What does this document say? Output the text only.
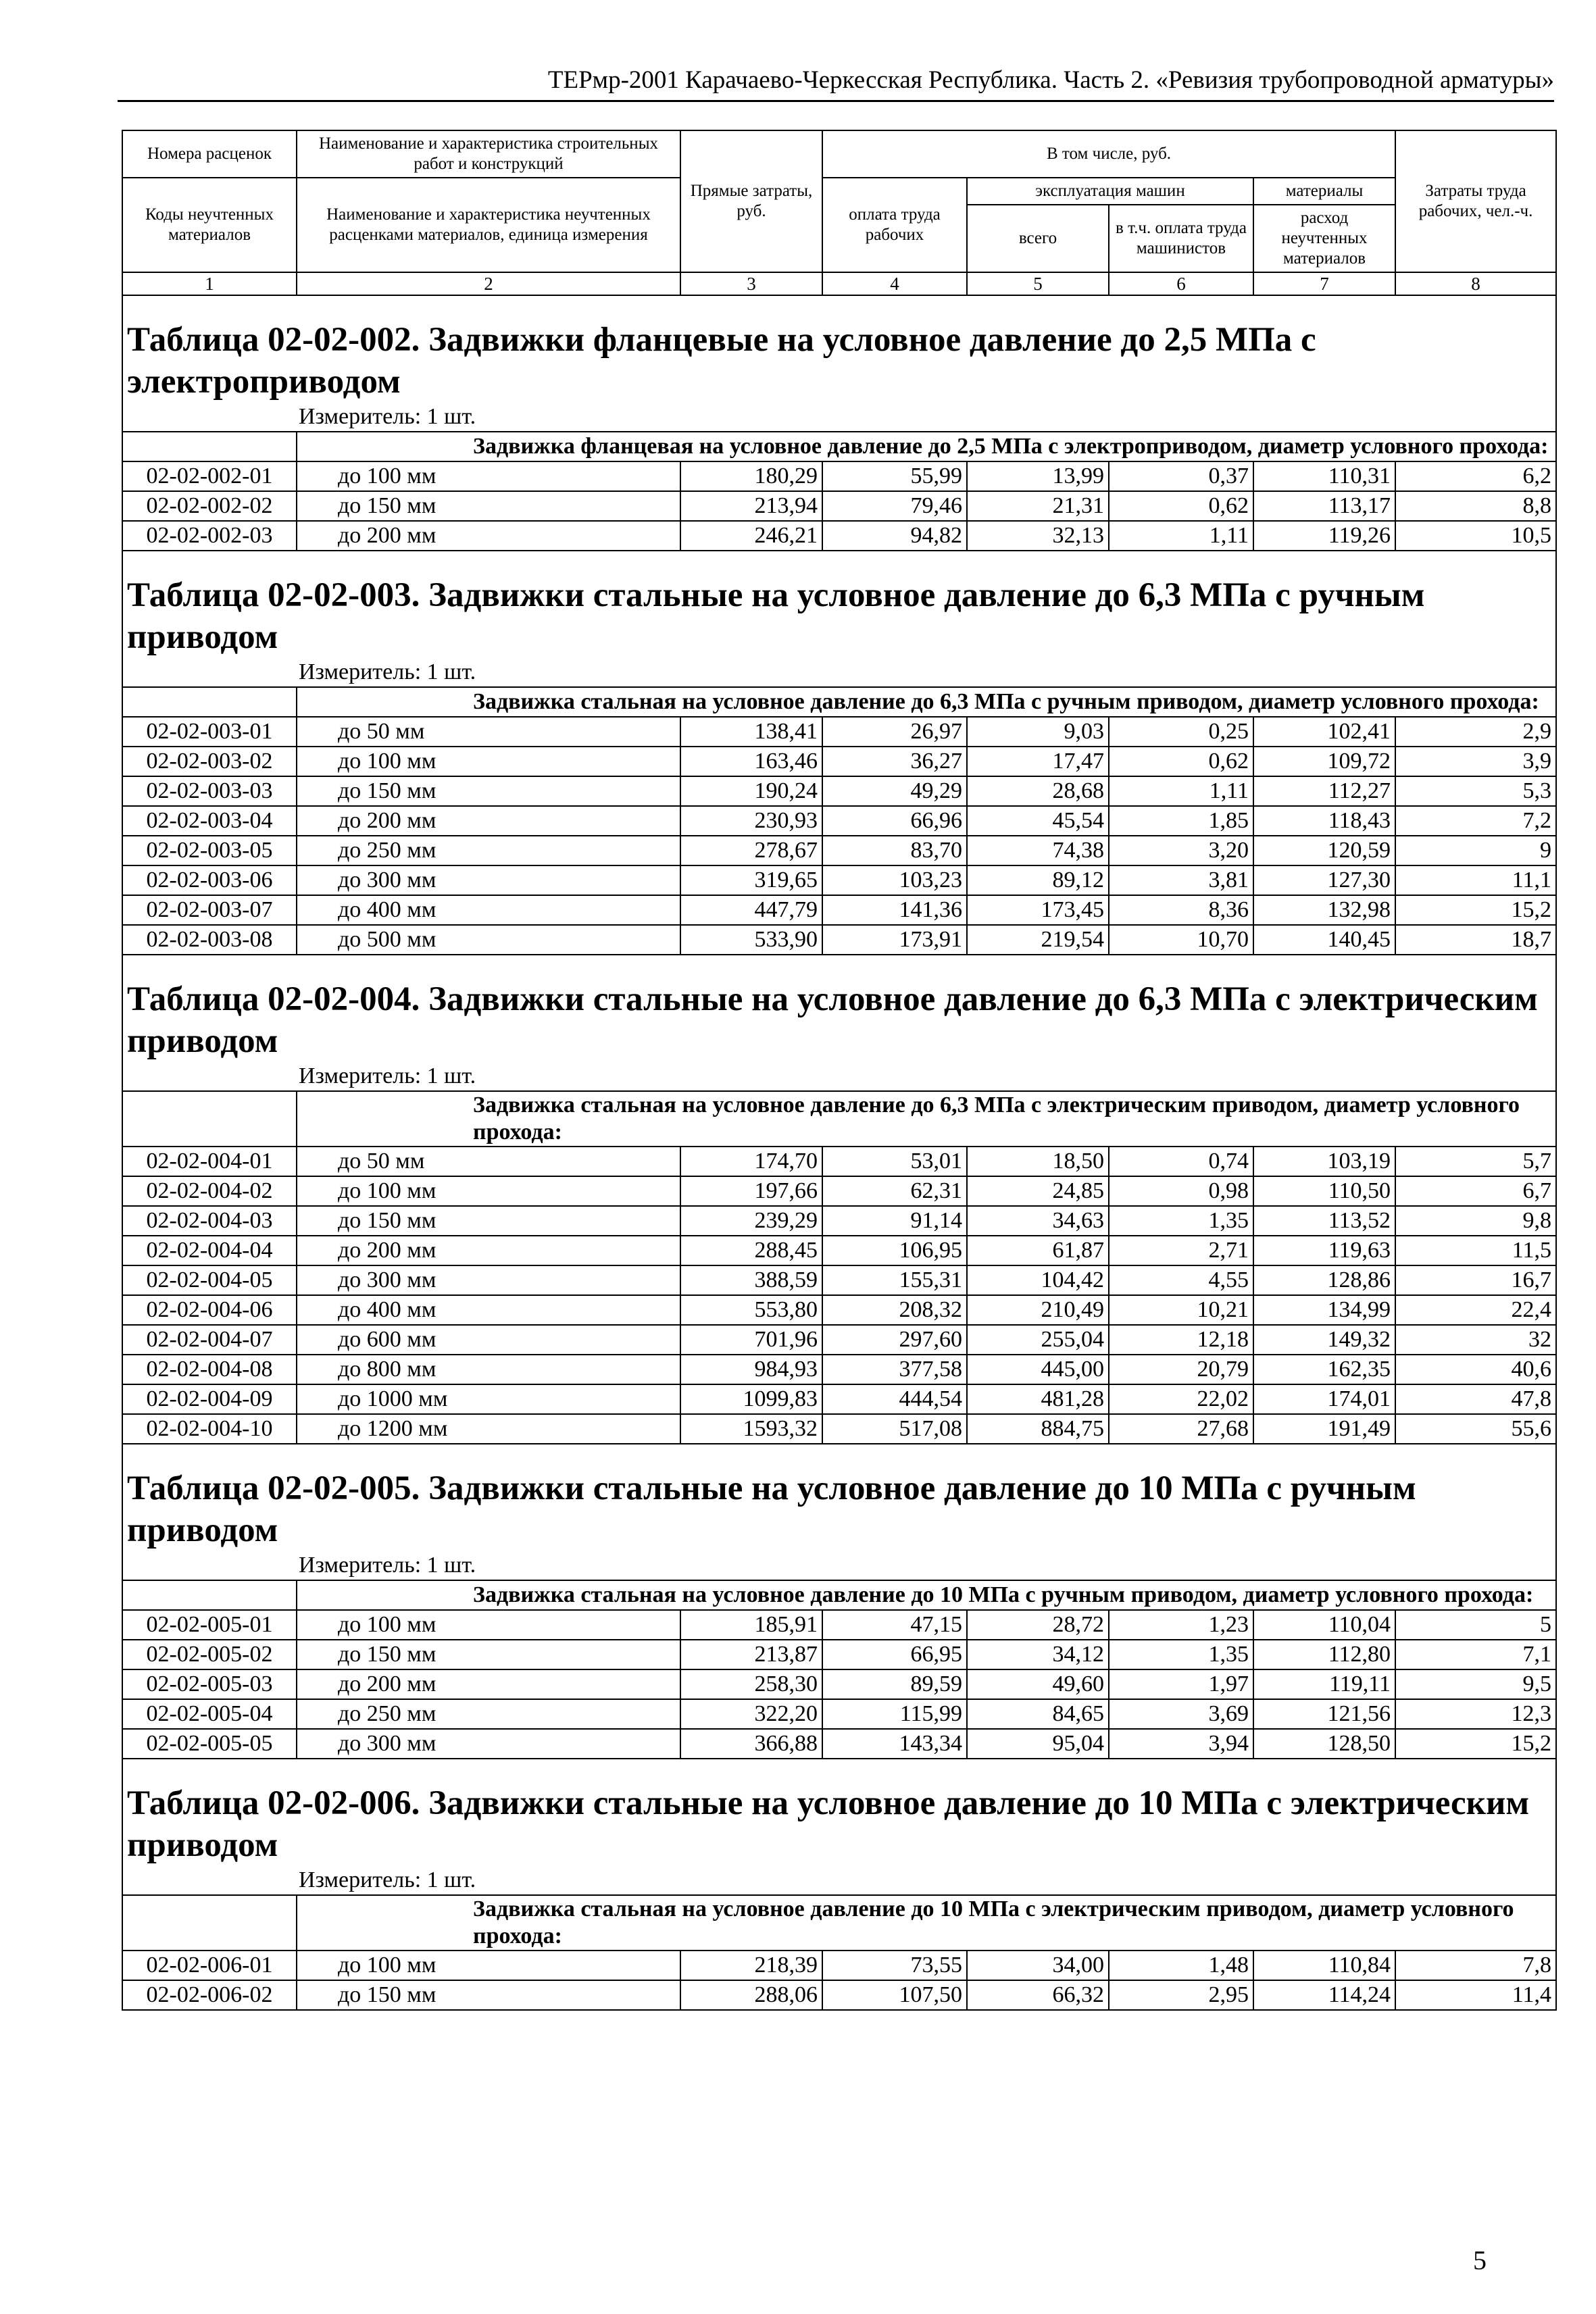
ТЕРмр-2001 Карачаево-Черкесская Республика. Часть 2. «Ревизия трубопроводной арматуры»
Номера расценок	Наименование и характеристика строительных работ и конструкций	Прямые затраты, руб.	В том числе, руб.				Затраты труда рабочих, чел.-ч.
Коды неучтенных материалов	Наименование и характеристика неучтенных расценками материалов, единица измерения		оплата труда рабочих	эксплуатация машин		материалы	
				всего	в т.ч. оплата труда машинистов	расход неучтенных материалов	
1	2	3	4	5	6	7	8

Таблица 02-02-002. Задвижки фланцевые на условное давление до 2,5 МПа с электроприводом							
Измеритель: 1 шт.							
	Задвижка фланцевая на условное давление до 2,5 МПа с электроприводом, диаметр условного прохода:						
02-02-002-01	до 100 мм	180,29	55,99	13,99	0,37	110,31	6,2
02-02-002-02	до 150 мм	213,94	79,46	21,31	0,62	113,17	8,8
02-02-002-03	до 200 мм	246,21	94,82	32,13	1,11	119,26	10,5

Таблица 02-02-003. Задвижки стальные на условное давление до 6,3 МПа с ручным приводом							
Измеритель: 1 шт.							
	Задвижка стальная на условное давление до 6,3 МПа с ручным приводом, диаметр условного прохода:						
02-02-003-01	до 50 мм	138,41	26,97	9,03	0,25	102,41	2,9
02-02-003-02	до 100 мм	163,46	36,27	17,47	0,62	109,72	3,9
02-02-003-03	до 150 мм	190,24	49,29	28,68	1,11	112,27	5,3
02-02-003-04	до 200 мм	230,93	66,96	45,54	1,85	118,43	7,2
02-02-003-05	до 250 мм	278,67	83,70	74,38	3,20	120,59	9
02-02-003-06	до 300 мм	319,65	103,23	89,12	3,81	127,30	11,1
02-02-003-07	до 400 мм	447,79	141,36	173,45	8,36	132,98	15,2
02-02-003-08	до 500 мм	533,90	173,91	219,54	10,70	140,45	18,7

Таблица 02-02-004. Задвижки стальные на условное давление до 6,3 МПа с электрическим приводом							
Измеритель: 1 шт.							
	Задвижка стальная на условное давление до 6,3 МПа с электрическим приводом, диаметр условного прохода:						
02-02-004-01	до 50 мм	174,70	53,01	18,50	0,74	103,19	5,7
02-02-004-02	до 100 мм	197,66	62,31	24,85	0,98	110,50	6,7
02-02-004-03	до 150 мм	239,29	91,14	34,63	1,35	113,52	9,8
02-02-004-04	до 200 мм	288,45	106,95	61,87	2,71	119,63	11,5
02-02-004-05	до 300 мм	388,59	155,31	104,42	4,55	128,86	16,7
02-02-004-06	до 400 мм	553,80	208,32	210,49	10,21	134,99	22,4
02-02-004-07	до 600 мм	701,96	297,60	255,04	12,18	149,32	32
02-02-004-08	до 800 мм	984,93	377,58	445,00	20,79	162,35	40,6
02-02-004-09	до 1000 мм	1099,83	444,54	481,28	22,02	174,01	47,8
02-02-004-10	до 1200 мм	1593,32	517,08	884,75	27,68	191,49	55,6

Таблица 02-02-005. Задвижки стальные на условное давление до 10 МПа с ручным приводом							
Измеритель: 1 шт.							
	Задвижка стальная на условное давление до 10 МПа с ручным приводом, диаметр условного прохода:						
02-02-005-01	до 100 мм	185,91	47,15	28,72	1,23	110,04	5
02-02-005-02	до 150 мм	213,87	66,95	34,12	1,35	112,80	7,1
02-02-005-03	до 200 мм	258,30	89,59	49,60	1,97	119,11	9,5
02-02-005-04	до 250 мм	322,20	115,99	84,65	3,69	121,56	12,3
02-02-005-05	до 300 мм	366,88	143,34	95,04	3,94	128,50	15,2

Таблица 02-02-006. Задвижки стальные на условное давление до 10 МПа с электрическим приводом							
Измеритель: 1 шт.							
	Задвижка стальная на условное давление до 10 МПа с электрическим приводом, диаметр условного прохода:						
02-02-006-01	до 100 мм	218,39	73,55	34,00	1,48	110,84	7,8
02-02-006-02	до 150 мм	288,06	107,50	66,32	2,95	114,24	11,4
5
